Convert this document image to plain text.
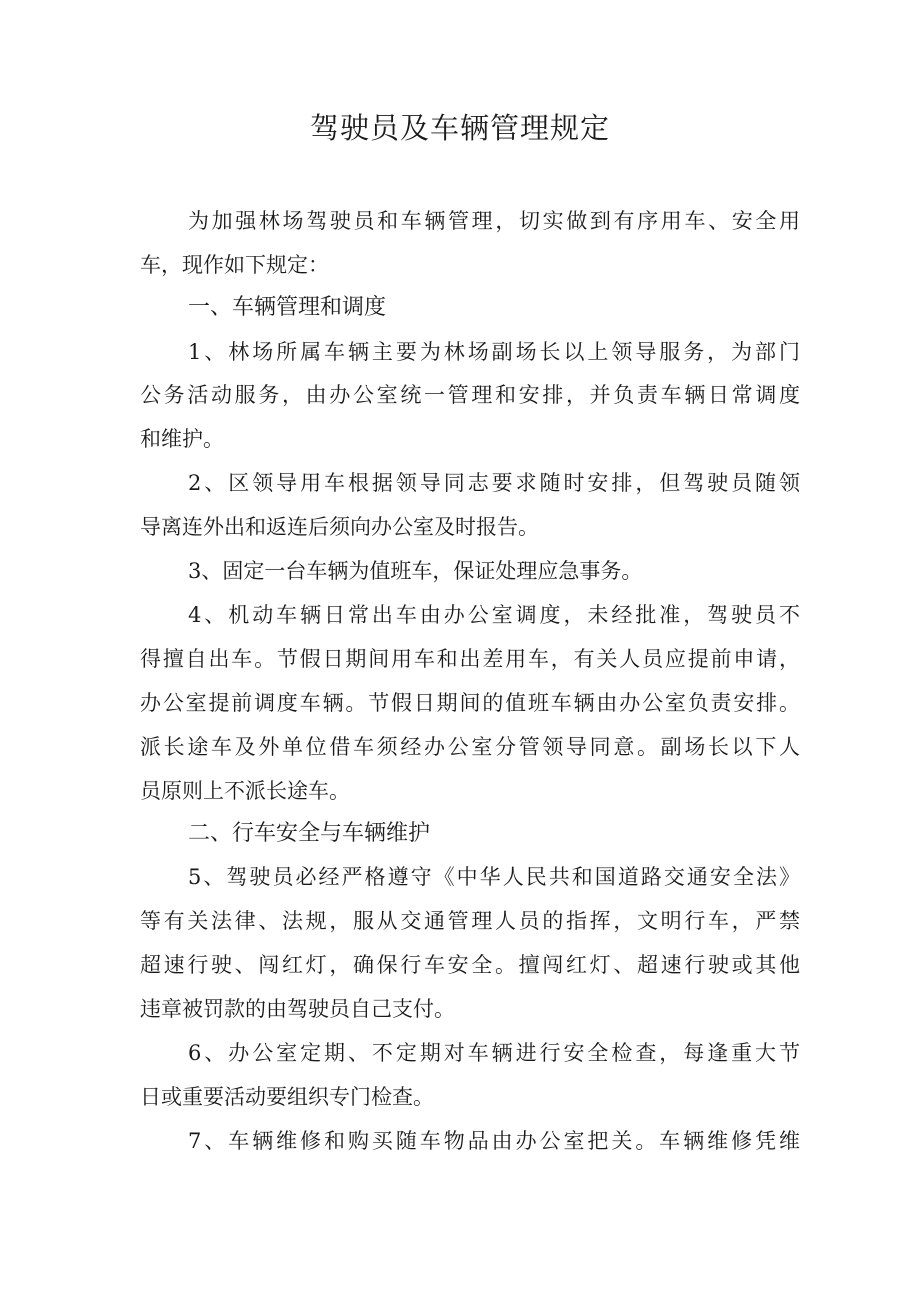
驾驶员及车辆管理规定
为加强林场驾驶员和车辆管理，切实做到有序用车、安全用
车，现作如下规定：
一、车辆管理和调度
1、林场所属车辆主要为林场副场长以上领导服务，为部门
公务活动服务，由办公室统一管理和安排，并负责车辆日常调度
和维护。
2、区领导用车根据领导同志要求随时安排，但驾驶员随领
导离连外出和返连后须向办公室及时报告。
3、固定一台车辆为值班车，保证处理应急事务。
4、机动车辆日常出车由办公室调度，未经批准，驾驶员不
得擅自出车。节假日期间用车和出差用车，有关人员应提前申请，
办公室提前调度车辆。节假日期间的值班车辆由办公室负责安排。
派长途车及外单位借车须经办公室分管领导同意。副场长以下人
员原则上不派长途车。
二、行车安全与车辆维护
5、驾驶员必经严格遵守《中华人民共和国道路交通安全法》
等有关法律、法规，服从交通管理人员的指挥，文明行车，严禁
超速行驶、闯红灯，确保行车安全。擅闯红灯、超速行驶或其他
违章被罚款的由驾驶员自己支付。
6、办公室定期、不定期对车辆进行安全检查，每逢重大节
日或重要活动要组织专门检查。
7、车辆维修和购买随车物品由办公室把关。车辆维修凭维
